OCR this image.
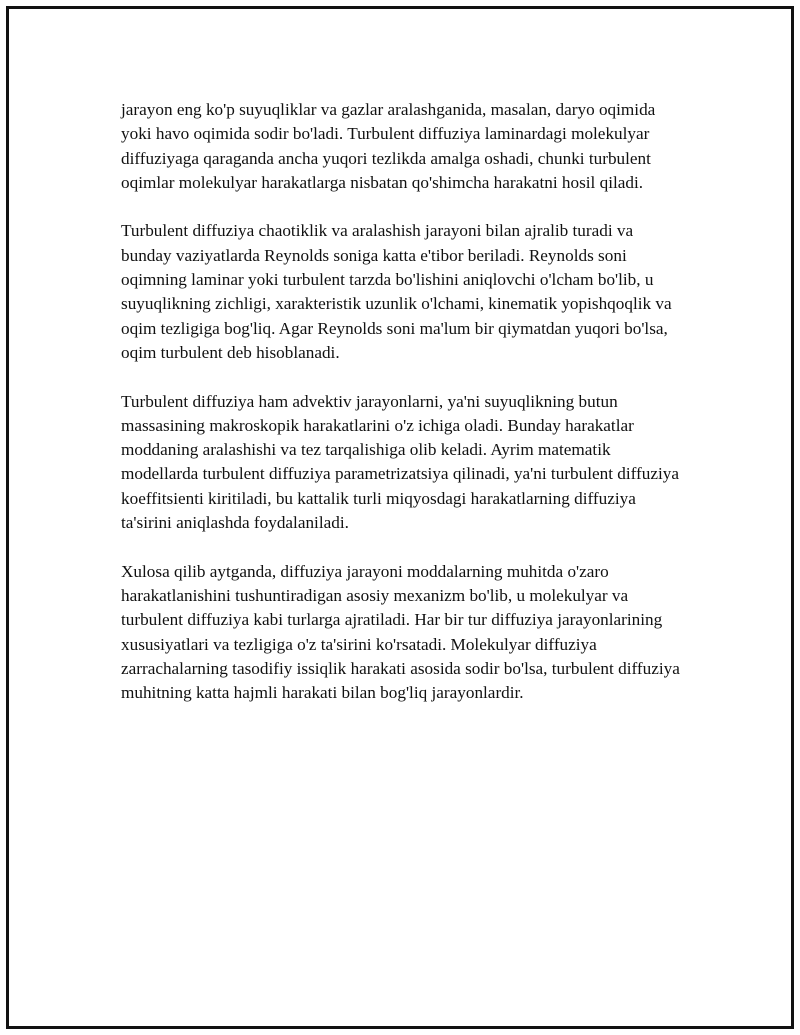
jarayon eng ko'p suyuqliklar va gazlar aralashganida, masalan, daryo oqimida yoki havo oqimida sodir bo'ladi. Turbulent diffuziya laminardagi molekulyar diffuziyaga qaraganda ancha yuqori tezlikda amalga oshadi, chunki turbulent oqimlar molekulyar harakatlarga nisbatan qo'shimcha harakatni hosil qiladi.

Turbulent diffuziya chaotiklik va aralashish jarayoni bilan ajralib turadi va bunday vaziyatlarda Reynolds soniga katta e'tibor beriladi. Reynolds soni oqimning laminar yoki turbulent tarzda bo'lishini aniqlovchi o'lcham bo'lib, u suyuqlikning zichligi, xarakteristik uzunlik o'lchami, kinematik yopishqoqlik va oqim tezligiga bog'liq. Agar Reynolds soni ma'lum bir qiymatdan yuqori bo'lsa, oqim turbulent deb hisoblanadi.

Turbulent diffuziya ham advektiv jarayonlarni, ya'ni suyuqlikning butun massasining makroskopik harakatlarini o'z ichiga oladi. Bunday harakatlar moddaning aralashishi va tez tarqalishiga olib keladi. Ayrim matematik modellarda turbulent diffuziya parametrizatsiya qilinadi, ya'ni turbulent diffuziya koeffitsienti kiritiladi, bu kattalik turli miqyosdagi harakatlarning diffuziya ta'sirini aniqlashda foydalaniladi.

Xulosa qilib aytganda, diffuziya jarayoni moddalarning muhitda o'zaro harakatlanishini tushuntiradigan asosiy mexanizm bo'lib, u molekulyar va turbulent diffuziya kabi turlarga ajratiladi. Har bir tur diffuziya jarayonlarining xususiyatlari va tezligiga o'z ta'sirini ko'rsatadi. Molekulyar diffuziya zarrachalarning tasodifiy issiqlik harakati asosida sodir bo'lsa, turbulent diffuziya muhitning katta hajmli harakati bilan bog'liq jarayonlardir.
